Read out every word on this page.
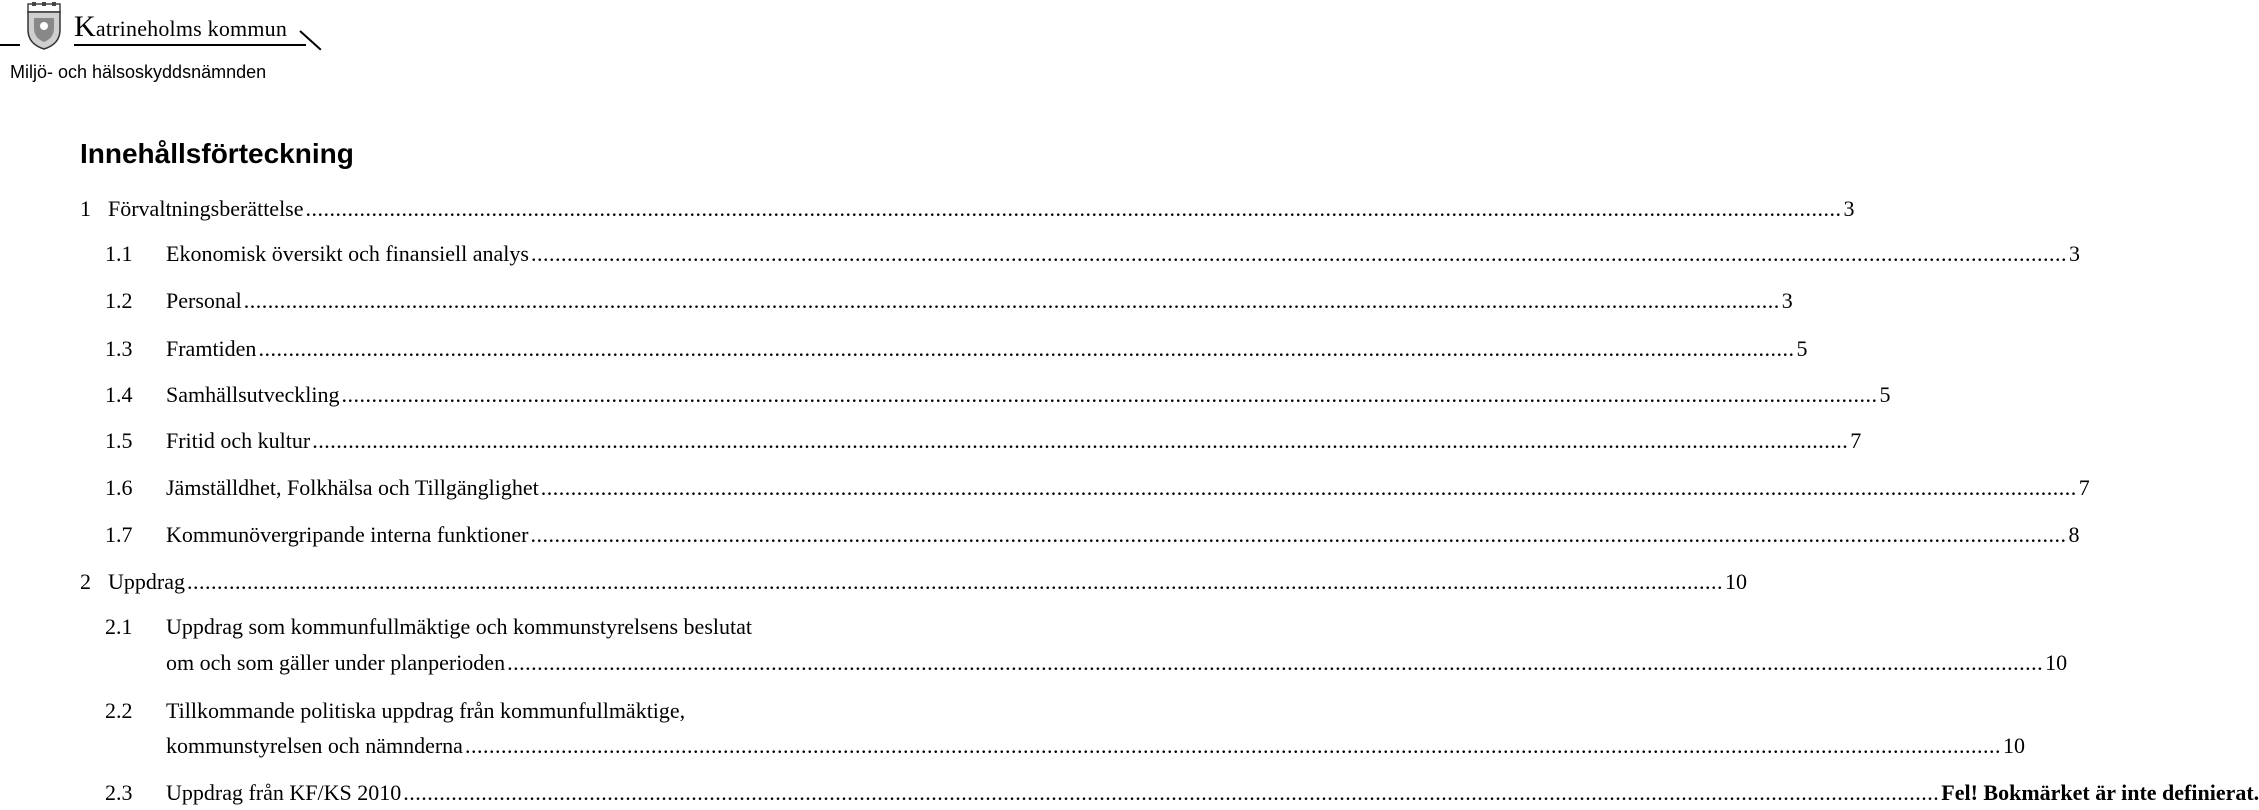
Katrineholms kommun
Miljö- och hälsoskyddsnämnden
Innehållsförteckning
1 Förvaltningsberättelse .....	3
1.1 Ekonomisk översikt och finansiell analys .....	3
1.2 Personal .....	3
1.3 Framtiden .....	5
1.4 Samhällsutveckling .....	5
1.5 Fritid och kultur .....	7
1.6 Jämställdhet, Folkhälsa och Tillgänglighet .....	7
1.7 Kommunövergripande interna funktioner .....	8
2 Uppdrag .....	10
2.1 Uppdrag som kommunfullmäktige och kommunstyrelsens beslutat
om och som gäller under planperioden .....	10
2.2 Tillkommande politiska uppdrag från kommunfullmäktige,
kommunstyrelsen och nämnderna .....	10
2.3 Uppdrag från KF/KS 2010 .....	Fel! Bokmärket är inte definierat.
